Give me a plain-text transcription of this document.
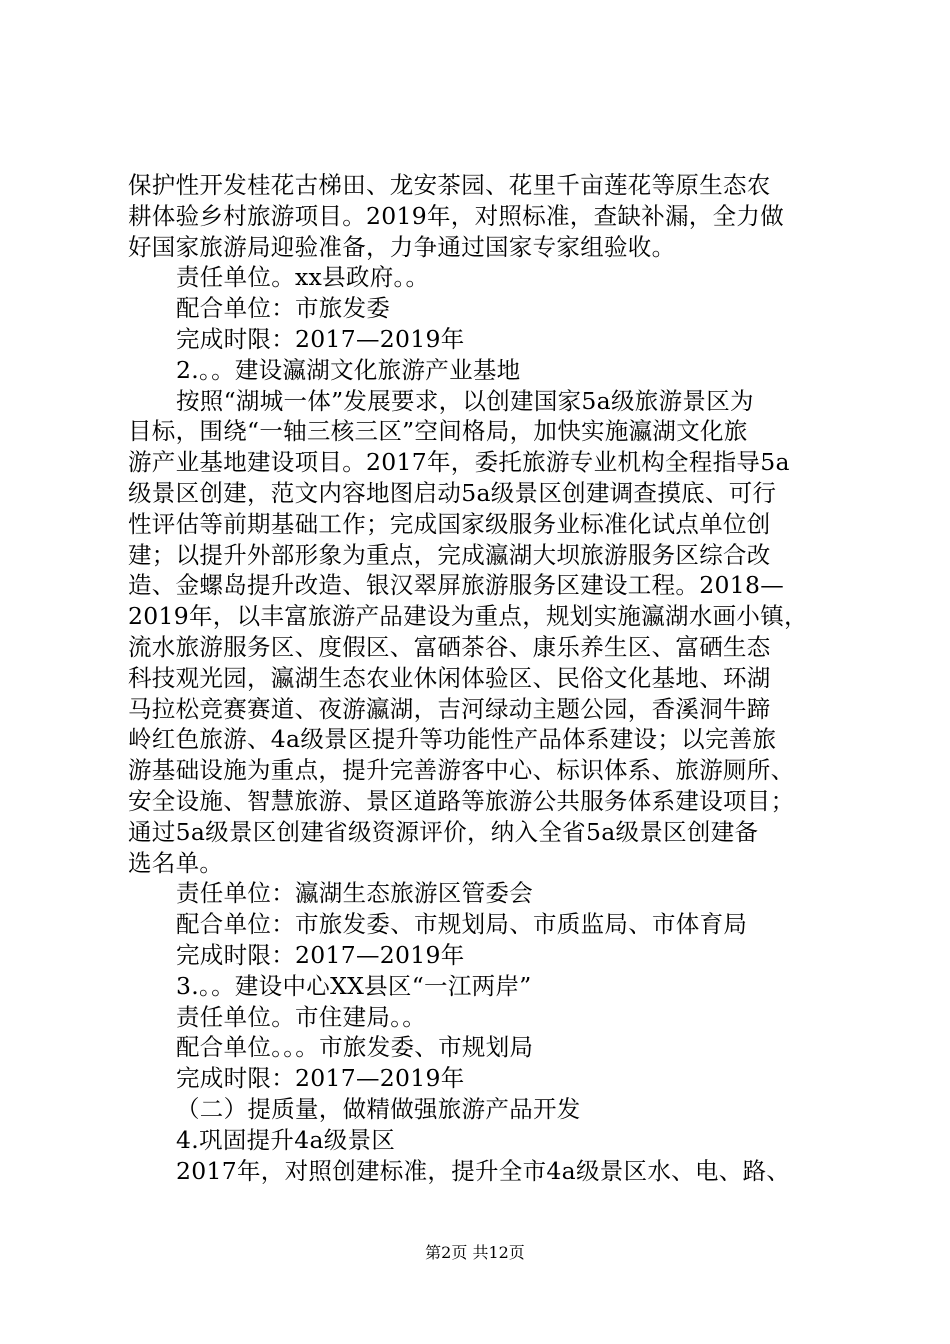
保护性开发桂花古梯田、龙安茶园、花里千亩莲花等原生态农
耕体验乡村旅游项目。2019年，对照标准，查缺补漏，全力做
好国家旅游局迎验准备，力争通过国家专家组验收。
责任单位。xx县政府。。
配合单位：市旅发委
完成时限：2017—2019年
2.。。建设瀛湖文化旅游产业基地
按照“湖城一体”发展要求，以创建国家5a级旅游景区为
目标，围绕“一轴三核三区”空间格局，加快实施瀛湖文化旅
游产业基地建设项目。2017年，委托旅游专业机构全程指导5a
级景区创建，范文内容地图启动5a级景区创建调查摸底、可行
性评估等前期基础工作；完成国家级服务业标准化试点单位创
建；以提升外部形象为重点，完成瀛湖大坝旅游服务区综合改
造、金螺岛提升改造、银汉翠屏旅游服务区建设工程。2018—
2019年，以丰富旅游产品建设为重点，规划实施瀛湖水画小镇，
流水旅游服务区、度假区、富硒茶谷、康乐养生区、富硒生态
科技观光园，瀛湖生态农业休闲体验区、民俗文化基地、环湖
马拉松竞赛赛道、夜游瀛湖，吉河绿动主题公园，香溪洞牛蹄
岭红色旅游、4a级景区提升等功能性产品体系建设；以完善旅
游基础设施为重点，提升完善游客中心、标识体系、旅游厕所、
安全设施、智慧旅游、景区道路等旅游公共服务体系建设项目；
通过5a级景区创建省级资源评价，纳入全省5a级景区创建备
选名单。
责任单位：瀛湖生态旅游区管委会
配合单位：市旅发委、市规划局、市质监局、市体育局
完成时限：2017—2019年
3.。。建设中心XX县区“一江两岸”
责任单位。市住建局。。
配合单位。。。市旅发委、市规划局
完成时限：2017—2019年
（二）提质量，做精做强旅游产品开发
4.巩固提升4a级景区
2017年，对照创建标准，提升全市4a级景区水、电、路、
第2页 共12页
